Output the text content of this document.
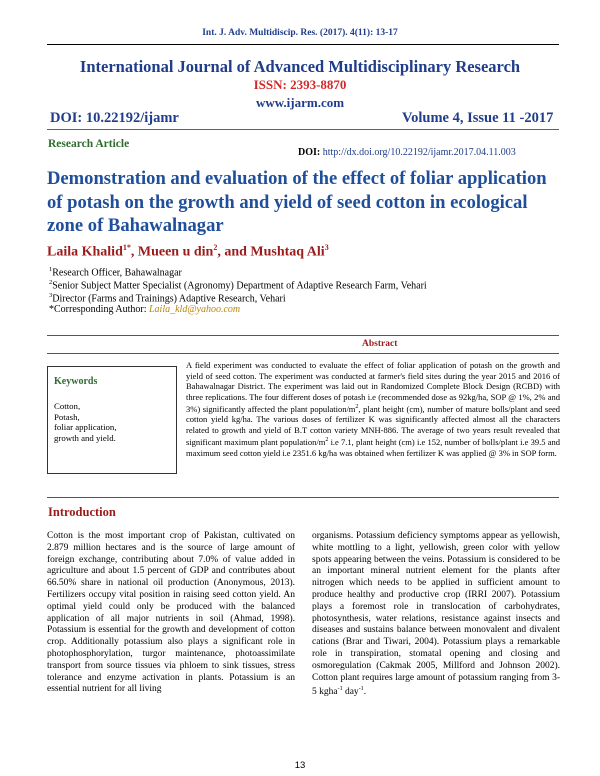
Int. J. Adv. Multidiscip. Res. (2017). 4(11): 13-17
International Journal of Advanced Multidisciplinary Research
ISSN: 2393-8870
www.ijarm.com
DOI: 10.22192/ijamr	Volume 4, Issue 11 -2017
Research Article
DOI: http://dx.doi.org/10.22192/ijamr.2017.04.11.003
Demonstration and evaluation of the effect of foliar application of potash on the growth and yield of seed cotton in ecological zone of Bahawalnagar
Laila Khalid$^{1*}$, Mueen u din$^2$, and Mushtaq Ali$^3$
$^1$Research Officer, Bahawalnagar
$^2$Senior Subject Matter Specialist (Agronomy) Department of Adaptive Research Farm, Vehari
$^3$Director (Farms and Trainings) Adaptive Research, Vehari
*Corresponding Author: Laila_kld@yahoo.com
Abstract
Keywords
Cotton,
Potash,
foliar application,
growth and yield.
A field experiment was conducted to evaluate the effect of foliar application of potash on the growth and yield of seed cotton. The experiment was conducted at farmer's field sites during the year 2015 and 2016 of Bahawalnagar District. The experiment was laid out in Randomized Complete Block Design (RCBD) with three replications. The four different doses of potash i.e (recommended dose as 92kg/ha, SOP @ 1%, 2% and 3%) significantly affected the plant population/$m^2$, plant height (cm), number of mature bolls/plant and seed cotton yield kg/ha. The various doses of fertilizer K was significantly affected almost all the characters related to growth and yield of B.T cotton variety MNH-886. The average of two years result revealed that significant maximum plant population/$m^2$ i.e 7.1, plant height (cm) i.e 152, number of bolls/plant i.e 39.5 and maximum seed cotton yield i.e 2351.6 kg/ha was obtained when fertilizer K was applied @ 3% in SOP form.
Introduction
Cotton is the most important crop of Pakistan, cultivated on 2.879 million hectares and is the source of large amount of foreign exchange, contributing about 7.0% of value added in agriculture and about 1.5 percent of GDP and contributes about 66.50% share in national oil production (Anonymous, 2013). Fertilizers occupy vital position in raising seed cotton yield. An optimal yield could only be produced with the balanced application of all major nutrients in soil (Ahmad, 1998). Potassium is essential for the growth and development of cotton crop. Additionally potassium also plays a significant role in photophosphorylation, turgor maintenance, photoassimilate transport from source tissues via phloem to sink tissues, stress tolerance and enzyme activation in plants. Potassium is an essential nutrient for all living
organisms. Potassium deficiency symptoms appear as yellowish, white mottling to a light, yellowish, green color with yellow spots appearing between the veins. Potassium is considered to be an important mineral nutrient element for the plants after nitrogen which needs to be applied in sufficient amount to produce healthy and productive crop (IRRI 2007). Potassium plays a foremost role in translocation of carbohydrates, photosynthesis, water relations, resistance against insects and diseases and sustains balance between monovalent and divalent cations (Brar and Tiwari, 2004). Potassium plays a remarkable role in transpiration, stomatal opening and closing and osmoregulation (Cakmak 2005, Millford and Johnson 2002). Cotton plant requires large amount of potassium ranging from 3-5 kgha$^{-1}$ day$^{-1}$.
13
